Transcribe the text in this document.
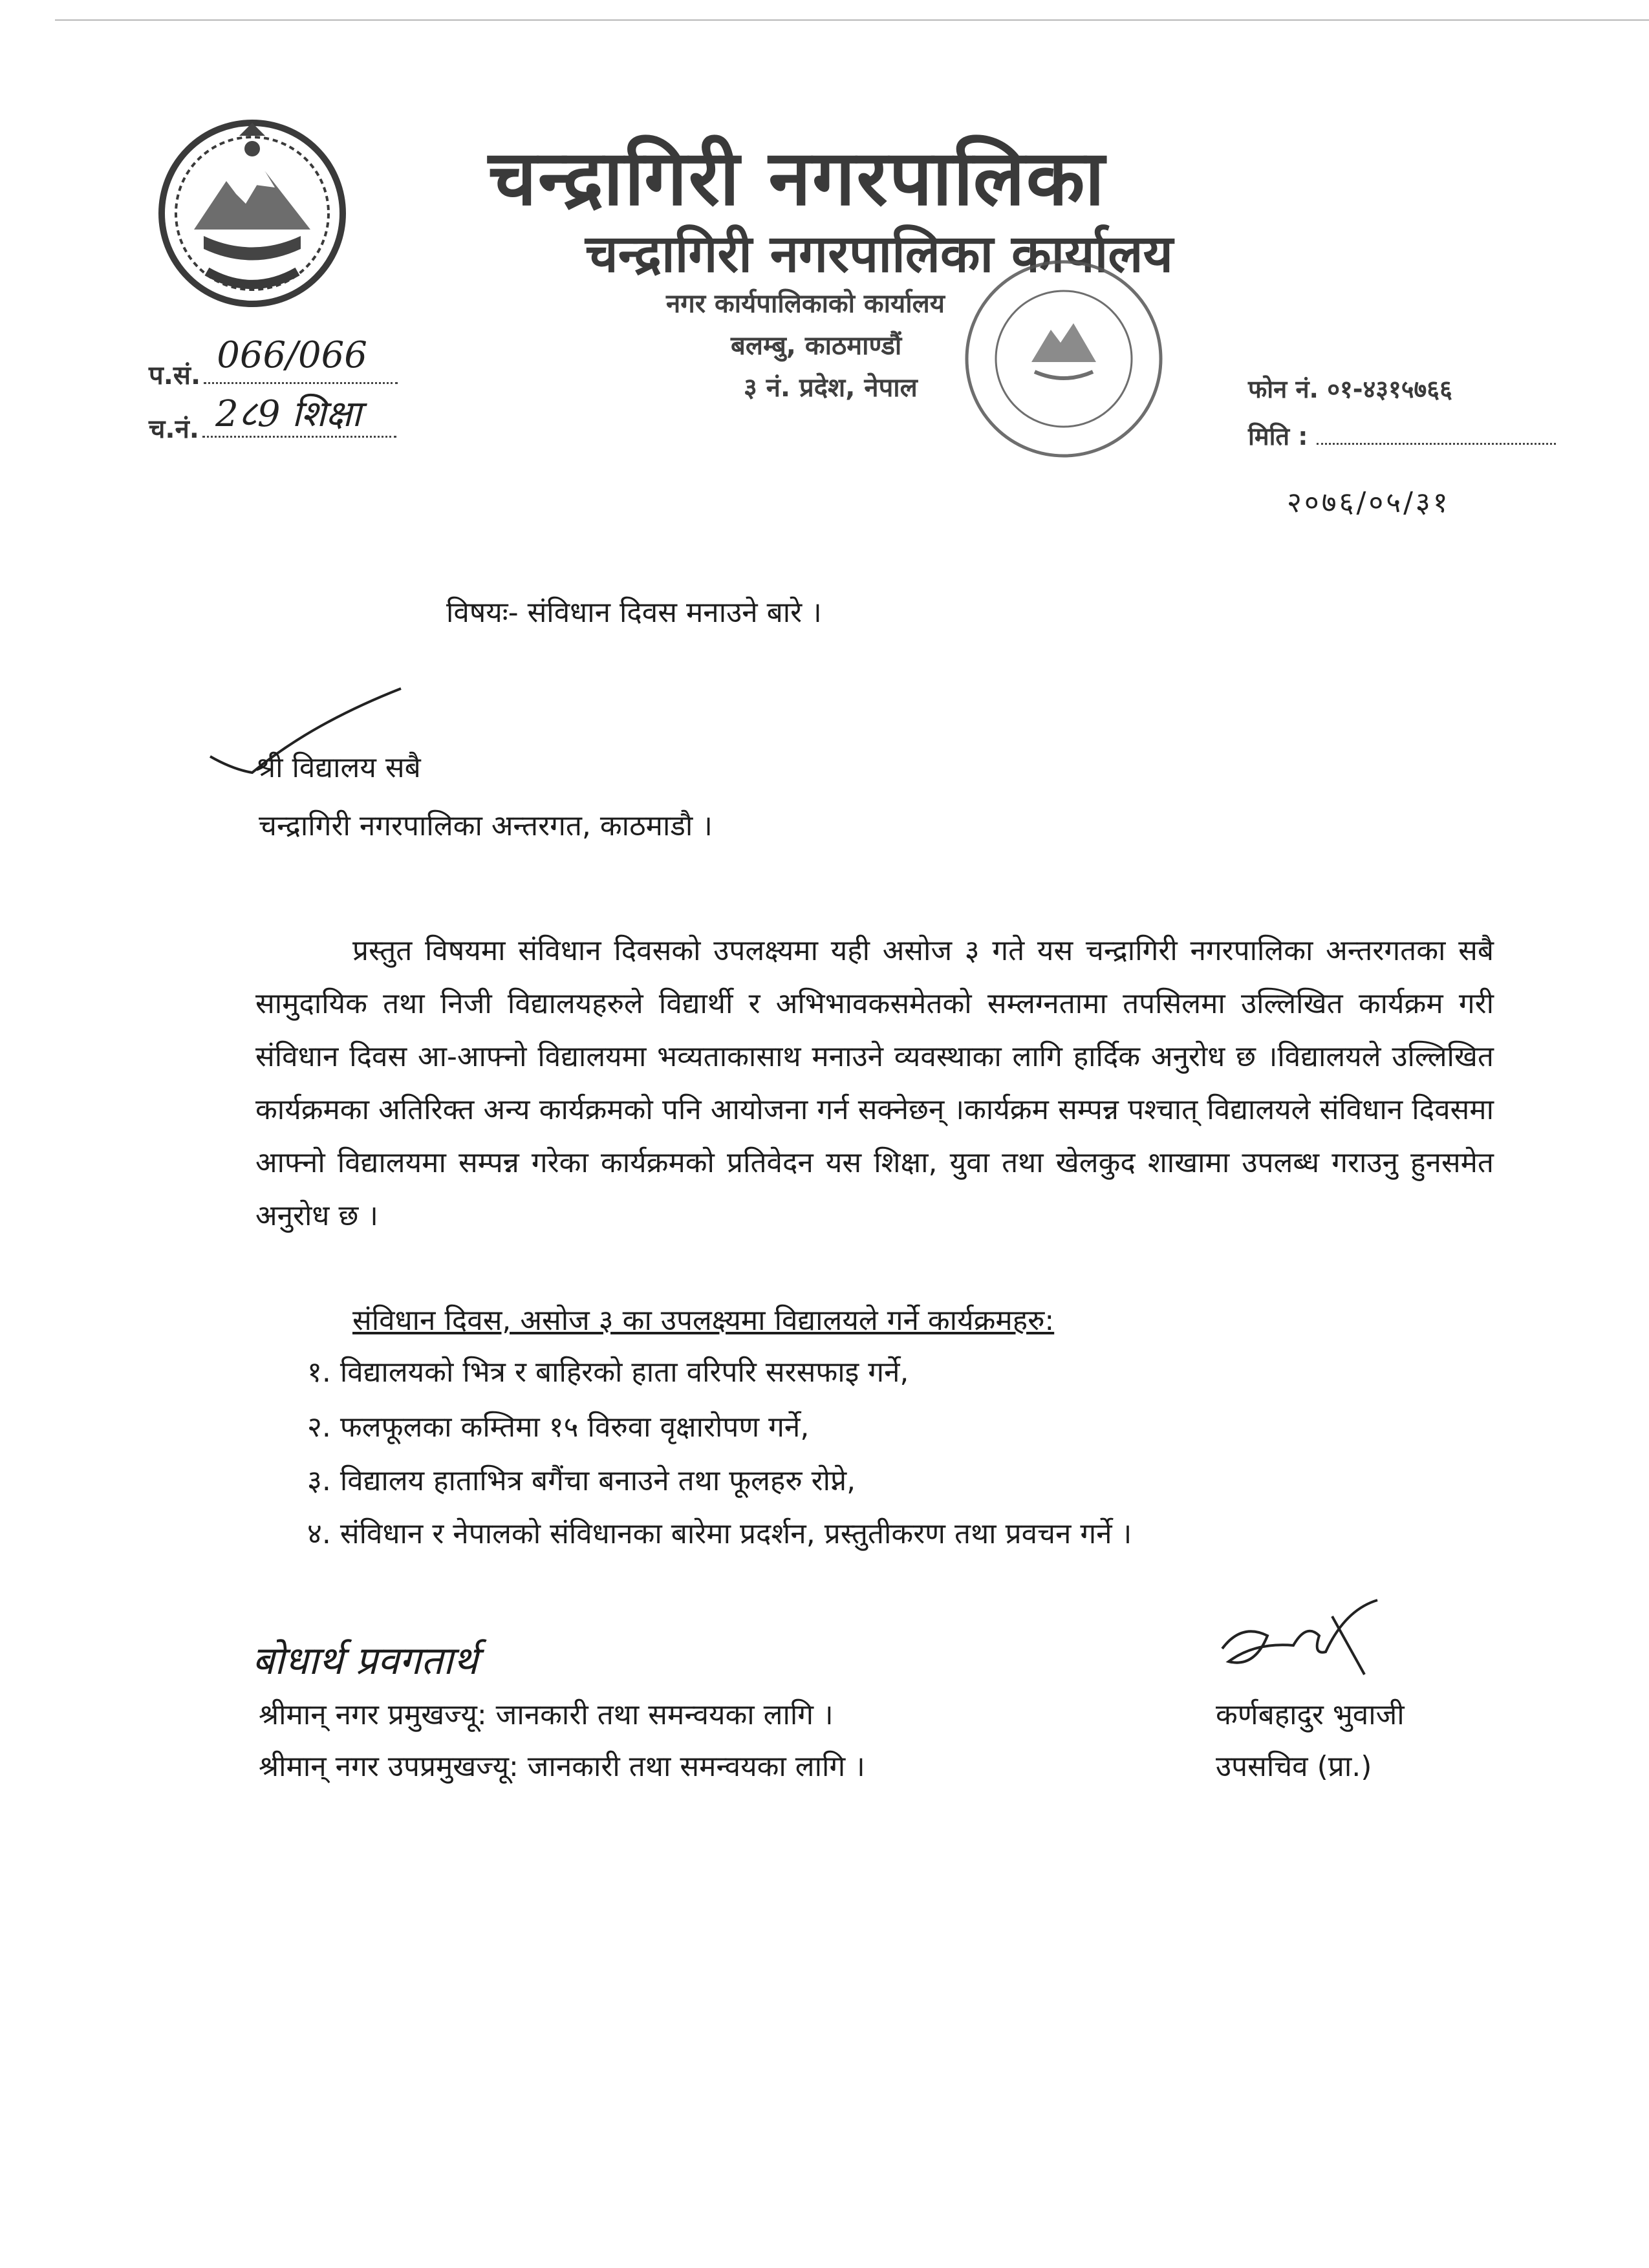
चन्द्रागिरी नगरपालिका
चन्द्रागिरी नगरपालिका कार्यालय
नगर कार्यपालिकाको कार्यालय
बलम्बु, काठमाण्डौं
३ नं. प्रदेश, नेपाल
प.सं. 066/066
च.नं. 2८9 शिक्षा
फोन नं. ०१-४३१५७६६
मिति :
२०७६/०५/३१
विषयः- संविधान दिवस मनाउने बारे ।
श्री विद्यालय सबै
चन्द्रागिरी नगरपालिका अन्तरगत, काठमाडौ ।
प्रस्तुत विषयमा संविधान दिवसको उपलक्ष्यमा यही असोज ३ गते यस चन्द्रागिरी नगरपालिका अन्तरगतका सबै सामुदायिक तथा निजी विद्यालयहरुले विद्यार्थी र अभिभावकसमेतको सम्लग्नतामा तपसिलमा उल्लिखित कार्यक्रम गरी संविधान दिवस आ-आफ्नो विद्यालयमा भव्यताकासाथ मनाउने व्यवस्थाका लागि हार्दिक अनुरोध छ ।विद्यालयले उल्लिखित कार्यक्रमका अतिरिक्त अन्य कार्यक्रमको पनि आयोजना गर्न सक्नेछन् ।कार्यक्रम सम्पन्न पश्चात् विद्यालयले संविधान दिवसमा आफ्नो विद्यालयमा सम्पन्न गरेका कार्यक्रमको प्रतिवेदन यस शिक्षा, युवा तथा खेलकुद शाखामा उपलब्ध गराउनु हुनसमेत अनुरोध छ ।
संविधान दिवस, असोज ३ का उपलक्ष्यमा विद्यालयले गर्ने कार्यक्रमहरु:
१. विद्यालयको भित्र र बाहिरको हाता वरिपरि सरसफाइ गर्ने,
२. फलफूलका कम्तिमा १५ विरुवा वृक्षारोपण गर्ने,
३. विद्यालय हाताभित्र बगैंचा बनाउने तथा फूलहरु रोप्ने,
४. संविधान र नेपालको संविधानका बारेमा प्रदर्शन, प्रस्तुतीकरण तथा प्रवचन गर्ने ।
बोधार्थ प्रवगतार्थ
श्रीमान् नगर प्रमुखज्यू: जानकारी तथा समन्वयका लागि ।
श्रीमान् नगर उपप्रमुखज्यू: जानकारी तथा समन्वयका लागि ।
कर्णबहादुर भुवाजी
उपसचिव (प्रा.)
